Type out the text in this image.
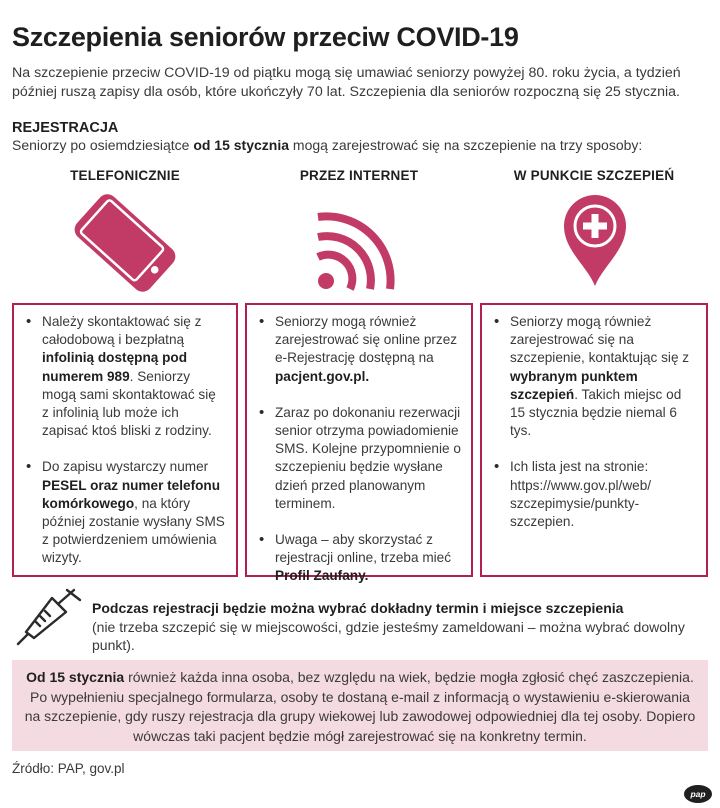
Szczepienia seniorów przeciw COVID-19
Na szczepienie przeciw COVID-19 od piątku mogą się umawiać seniorzy powyżej 80. roku życia, a tydzień później ruszą zapisy dla osób, które ukończyły 70 lat. Szczepienia dla seniorów rozpoczną się 25 stycznia.
REJESTRACJA
Seniorzy po osiemdziesiątce od 15 stycznia mogą zarejestrować się na szczepienie na trzy sposoby:
TELEFONICZNIE	PRZEZ INTERNET	W PUNKCIE SZCZEPIEŃ
• Należy skontaktować się z całodobową i bezpłatną infolinią dostępną pod numerem 989. Seniorzy mogą sami skontaktować się z infolinią lub może ich zapisać ktoś bliski z rodziny.
• Do zapisu wystarczy numer PESEL oraz numer telefonu komórkowego, na który później zostanie wysłany SMS z potwierdzeniem umówienia wizyty.
• Seniorzy mogą również zarejestrować się online przez e-Rejestrację dostępną na pacjent.gov.pl.
• Zaraz po dokonaniu rezerwacji senior otrzyma powiadomienie SMS. Kolejne przypomnienie o szczepieniu będzie wysłane dzień przed planowanym terminem.
• Uwaga – aby skorzystać z rejestracji online, trzeba mieć Profil Zaufany.
• Seniorzy mogą również zarejestrować się na szczepienie, kontaktując się z wybranym punktem szczepień. Takich miejsc od 15 stycznia będzie niemal 6 tys.
• Ich lista jest na stronie: https://www.gov.pl/web/ szczepimysie/punkty-szczepien.
Podczas rejestracji będzie można wybrać dokładny termin i miejsce szczepienia
(nie trzeba szczepić się w miejscowości, gdzie jesteśmy zameldowani – można wybrać dowolny punkt).
Od 15 stycznia również każda inna osoba, bez względu na wiek, będzie mogła zgłosić chęć zaszczepienia. Po wypełnieniu specjalnego formularza, osoby te dostaną e-mail z informacją o wystawieniu e-skierowania na szczepienie, gdy ruszy rejestracja dla grupy wiekowej lub zawodowej odpowiedniej dla tej osoby. Dopiero wówczas taki pacjent będzie mógł zarejestrować się na konkretny termin.
Źródło: PAP, gov.pl
pap
